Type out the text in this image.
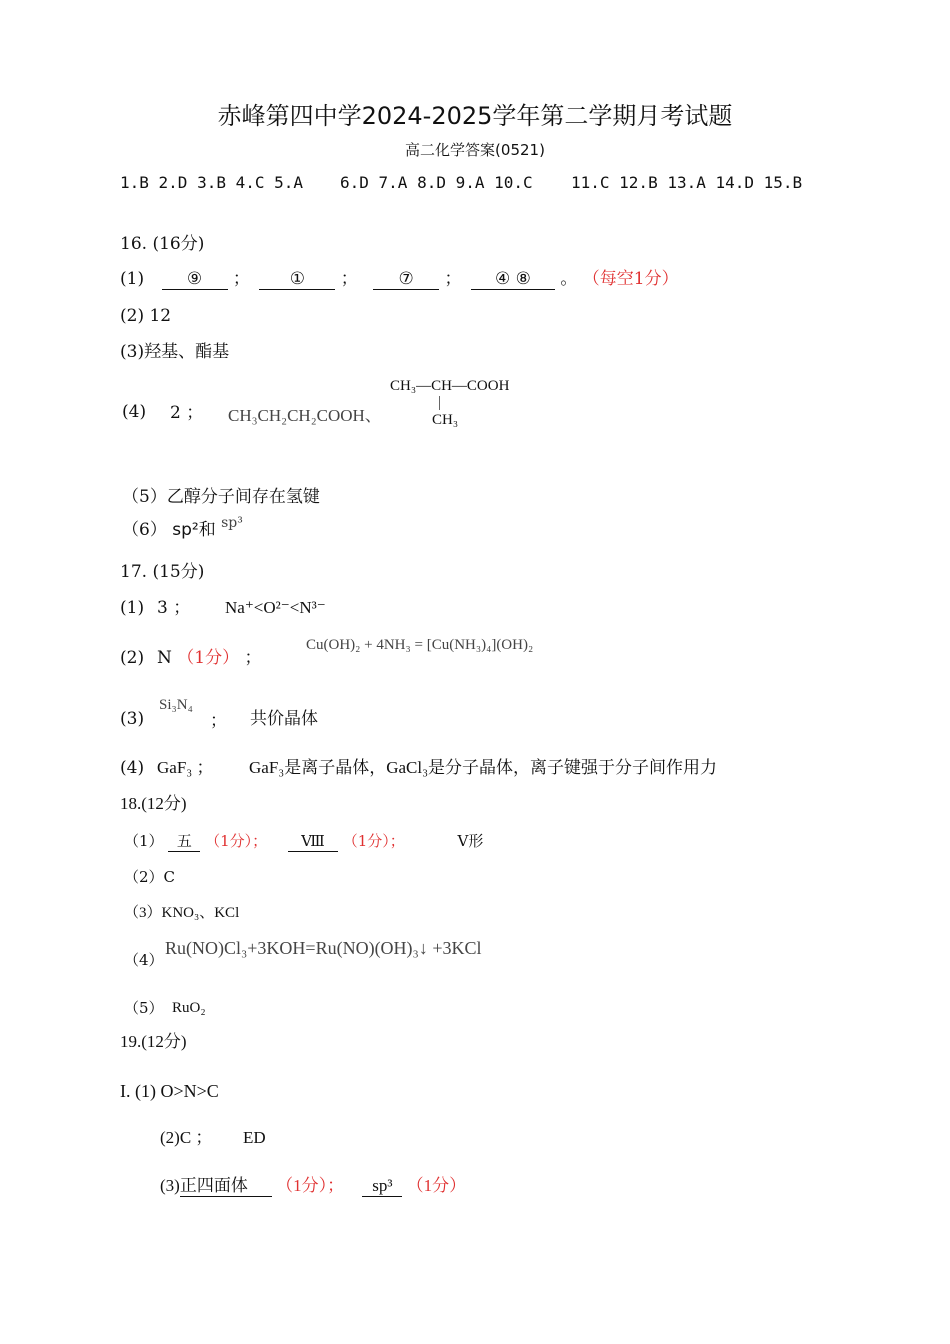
赤峰第四中学2024-2025学年第二学期月考试题
高二化学答案(0521)
1.B 2.D 3.B 4.C 5.A 6.D 7.A 8.D 9.A 10.C 11.C 12.B 13.A 14.D 15.B
16. (16分)
(1)	⑨ ； ① ； ⑦ ； ④ ⑧ 。 （每空1分）
(2) 12
(3)羟基、酯基
(4) 2 ； CH₃CH₂CH₂COOH、
CH₃—CH—COOH
CH₃
（5）乙醇分子间存在氢键
（6） sp²和 $^{sp^3}$
17. (15分)
(1) 3 ； Na⁺<O²⁻<N³⁻
(2) N （1分） ；
Cu(OH)₂ + 4NH₃ = [Cu(NH₃)₄](OH)₂
(3)
Si₃N₄
； 共价晶体
(4) GaF₃ ； GaF₃是离子晶体，GaCl₃是分子晶体，离子键强于分子间作用力
18.(12分)
（1） 五 （1分）； Ⅷ （1分）；	V形
（2）C
（3）KNO₃、KCl
（4）
Ru(NO)Cl₃+3KOH=Ru(NO)(OH)₃↓ +3KCl
（5） RuO₂
19.(12分)
I. (1) O>N>C
(2)C ； ED
(3)正四面体 （1分）； sp³ （1分）
